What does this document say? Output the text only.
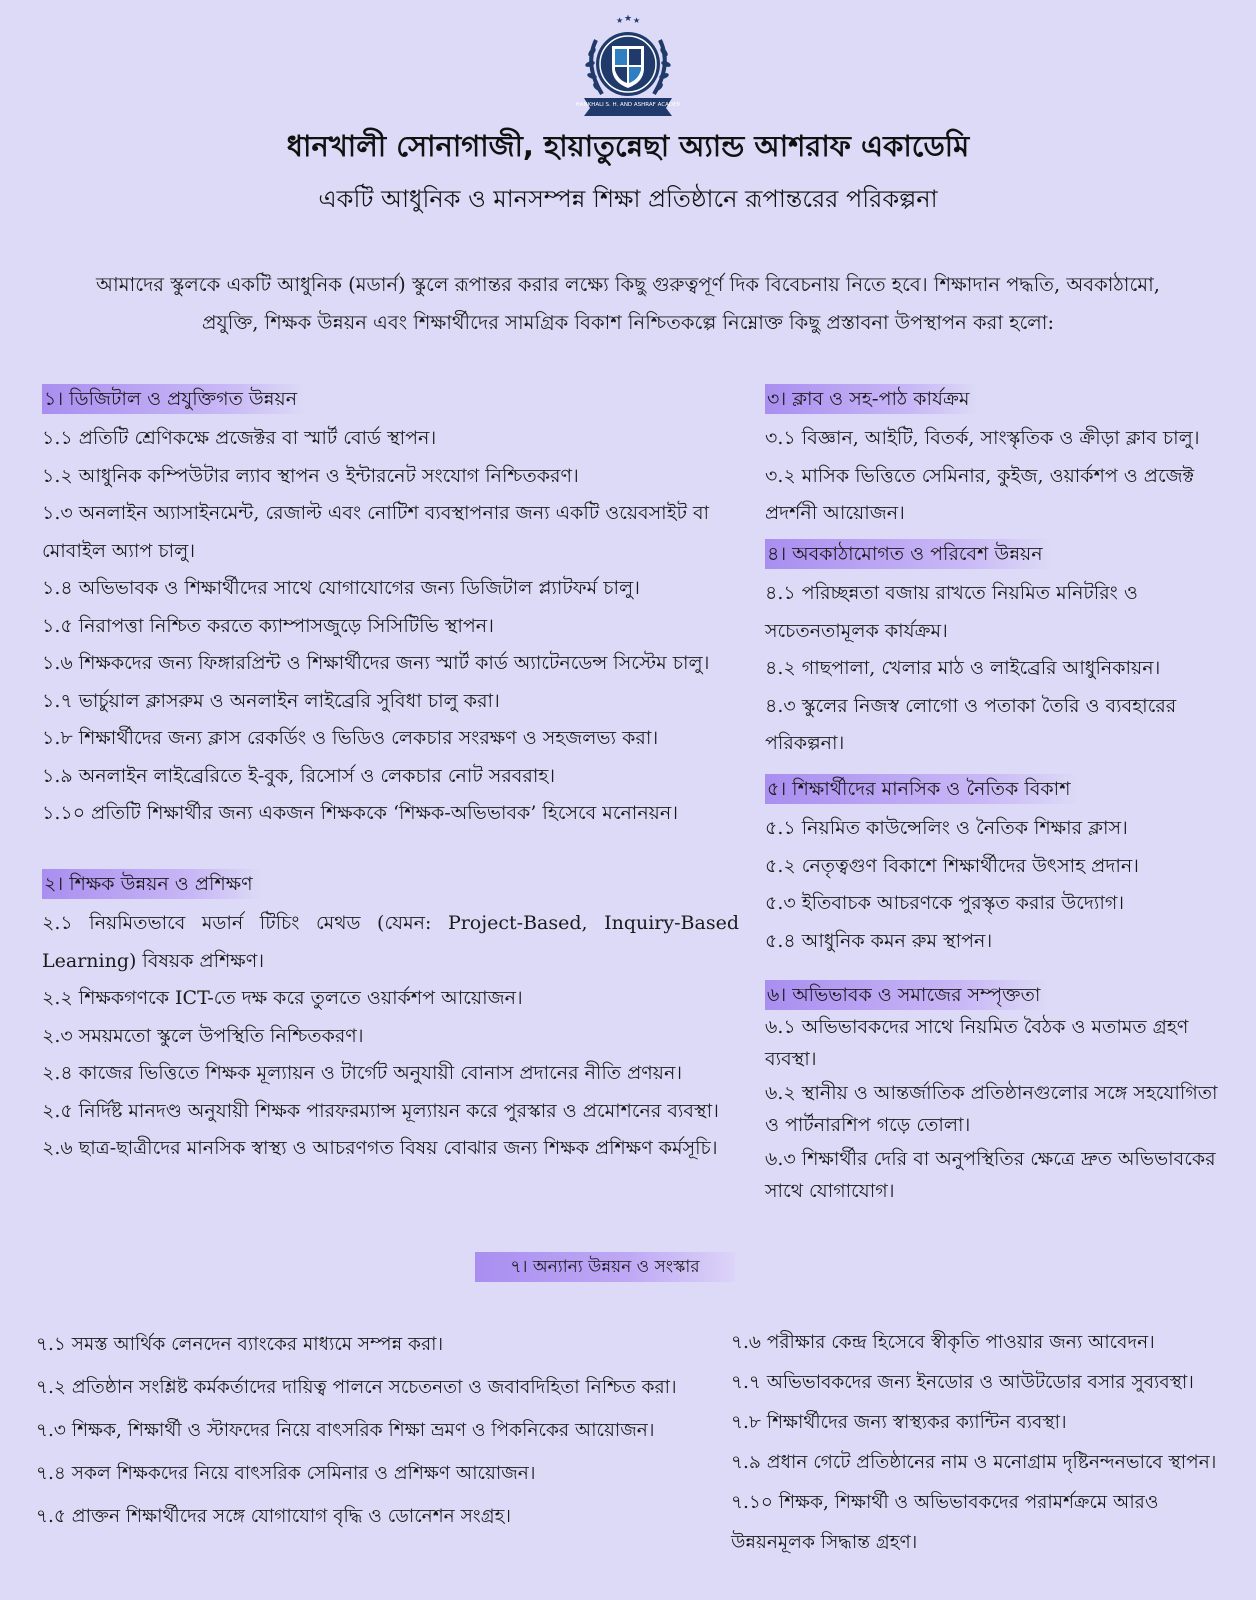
★ ★ ★
DHANKHALI S. H. AND ASHRAF ACADEMY
ধানখালী সোনাগাজী, হায়াতুন্নেছা অ্যান্ড আশরাফ একাডেমি
একটি আধুনিক ও মানসম্পন্ন শিক্ষা প্রতিষ্ঠানে রূপান্তরের পরিকল্পনা
আমাদের স্কুলকে একটি আধুনিক (মডার্ন) স্কুলে রূপান্তর করার লক্ষ্যে কিছু গুরুত্বপূর্ণ দিক বিবেচনায় নিতে হবে। শিক্ষাদান পদ্ধতি, অবকাঠামো, প্রযুক্তি, শিক্ষক উন্নয়ন এবং শিক্ষার্থীদের সামগ্রিক বিকাশ নিশ্চিতকল্পে নিম্নোক্ত কিছু প্রস্তাবনা উপস্থাপন করা হলো:
১। ডিজিটাল ও প্রযুক্তিগত উন্নয়ন
১.১ প্রতিটি শ্রেণিকক্ষে প্রজেক্টর বা স্মার্ট বোর্ড স্থাপন।
১.২ আধুনিক কম্পিউটার ল্যাব স্থাপন ও ইন্টারনেট সংযোগ নিশ্চিতকরণ।
১.৩ অনলাইন অ্যাসাইনমেন্ট, রেজাল্ট এবং নোটিশ ব্যবস্থাপনার জন্য একটি ওয়েবসাইট বা মোবাইল অ্যাপ চালু।
১.৪ অভিভাবক ও শিক্ষার্থীদের সাথে যোগাযোগের জন্য ডিজিটাল প্ল্যাটফর্ম চালু।
১.৫ নিরাপত্তা নিশ্চিত করতে ক্যাম্পাসজুড়ে সিসিটিভি স্থাপন।
১.৬ শিক্ষকদের জন্য ফিঙ্গারপ্রিন্ট ও শিক্ষার্থীদের জন্য স্মার্ট কার্ড অ্যাটেনডেন্স সিস্টেম চালু।
১.৭ ভার্চুয়াল ক্লাসরুম ও অনলাইন লাইব্রেরি সুবিধা চালু করা।
১.৮ শিক্ষার্থীদের জন্য ক্লাস রেকর্ডিং ও ভিডিও লেকচার সংরক্ষণ ও সহজলভ্য করা।
১.৯ অনলাইন লাইব্রেরিতে ই-বুক, রিসোর্স ও লেকচার নোট সরবরাহ।
১.১০ প্রতিটি শিক্ষার্থীর জন্য একজন শিক্ষককে ‘শিক্ষক-অভিভাবক’ হিসেবে মনোনয়ন।
২। শিক্ষক উন্নয়ন ও প্রশিক্ষণ
২.১ নিয়মিতভাবে মডার্ন টিচিং মেথড (যেমন: Project-Based, Inquiry-Based Learning) বিষয়ক প্রশিক্ষণ।
২.২ শিক্ষকগণকে ICT-তে দক্ষ করে তুলতে ওয়ার্কশপ আয়োজন।
২.৩ সময়মতো স্কুলে উপস্থিতি নিশ্চিতকরণ।
২.৪ কাজের ভিত্তিতে শিক্ষক মূল্যায়ন ও টার্গেট অনুযায়ী বোনাস প্রদানের নীতি প্রণয়ন।
২.৫ নির্দিষ্ট মানদণ্ড অনুযায়ী শিক্ষক পারফরম্যান্স মূল্যায়ন করে পুরস্কার ও প্রমোশনের ব্যবস্থা।
২.৬ ছাত্র-ছাত্রীদের মানসিক স্বাস্থ্য ও আচরণগত বিষয় বোঝার জন্য শিক্ষক প্রশিক্ষণ কর্মসূচি।
৩। ক্লাব ও সহ-পাঠ কার্যক্রম
৩.১ বিজ্ঞান, আইটি, বিতর্ক, সাংস্কৃতিক ও ক্রীড়া ক্লাব চালু।
৩.২ মাসিক ভিত্তিতে সেমিনার, কুইজ, ওয়ার্কশপ ও প্রজেক্ট প্রদর্শনী আয়োজন।
৪। অবকাঠামোগত ও পরিবেশ উন্নয়ন
৪.১ পরিচ্ছন্নতা বজায় রাখতে নিয়মিত মনিটরিং ও সচেতনতামূলক কার্যক্রম।
৪.২ গাছপালা, খেলার মাঠ ও লাইব্রেরি আধুনিকায়ন।
৪.৩ স্কুলের নিজস্ব লোগো ও পতাকা তৈরি ও ব্যবহারের পরিকল্পনা।
৫। শিক্ষার্থীদের মানসিক ও নৈতিক বিকাশ
৫.১ নিয়মিত কাউন্সেলিং ও নৈতিক শিক্ষার ক্লাস।
৫.২ নেতৃত্বগুণ বিকাশে শিক্ষার্থীদের উৎসাহ প্রদান।
৫.৩ ইতিবাচক আচরণকে পুরস্কৃত করার উদ্যোগ।
৫.৪ আধুনিক কমন রুম স্থাপন।
৬। অভিভাবক ও সমাজের সম্পৃক্ততা
৬.১ অভিভাবকদের সাথে নিয়মিত বৈঠক ও মতামত গ্রহণ ব্যবস্থা।
৬.২ স্থানীয় ও আন্তর্জাতিক প্রতিষ্ঠানগুলোর সঙ্গে সহযোগিতা ও পার্টনারশিপ গড়ে তোলা।
৬.৩ শিক্ষার্থীর দেরি বা অনুপস্থিতির ক্ষেত্রে দ্রুত অভিভাবকের সাথে যোগাযোগ।
৭। অন্যান্য উন্নয়ন ও সংস্কার
৭.১ সমস্ত আর্থিক লেনদেন ব্যাংকের মাধ্যমে সম্পন্ন করা।
৭.২ প্রতিষ্ঠান সংশ্লিষ্ট কর্মকর্তাদের দায়িত্ব পালনে সচেতনতা ও জবাবদিহিতা নিশ্চিত করা।
৭.৩ শিক্ষক, শিক্ষার্থী ও স্টাফদের নিয়ে বাৎসরিক শিক্ষা ভ্রমণ ও পিকনিকের আয়োজন।
৭.৪ সকল শিক্ষকদের নিয়ে বাৎসরিক সেমিনার ও প্রশিক্ষণ আয়োজন।
৭.৫ প্রাক্তন শিক্ষার্থীদের সঙ্গে যোগাযোগ বৃদ্ধি ও ডোনেশন সংগ্রহ।
৭.৬ পরীক্ষার কেন্দ্র হিসেবে স্বীকৃতি পাওয়ার জন্য আবেদন।
৭.৭ অভিভাবকদের জন্য ইনডোর ও আউটডোর বসার সুব্যবস্থা।
৭.৮ শিক্ষার্থীদের জন্য স্বাস্থ্যকর ক্যান্টিন ব্যবস্থা।
৭.৯ প্রধান গেটে প্রতিষ্ঠানের নাম ও মনোগ্রাম দৃষ্টিনন্দনভাবে স্থাপন।
৭.১০ শিক্ষক, শিক্ষার্থী ও অভিভাবকদের পরামর্শক্রমে আরও উন্নয়নমূলক সিদ্ধান্ত গ্রহণ।
